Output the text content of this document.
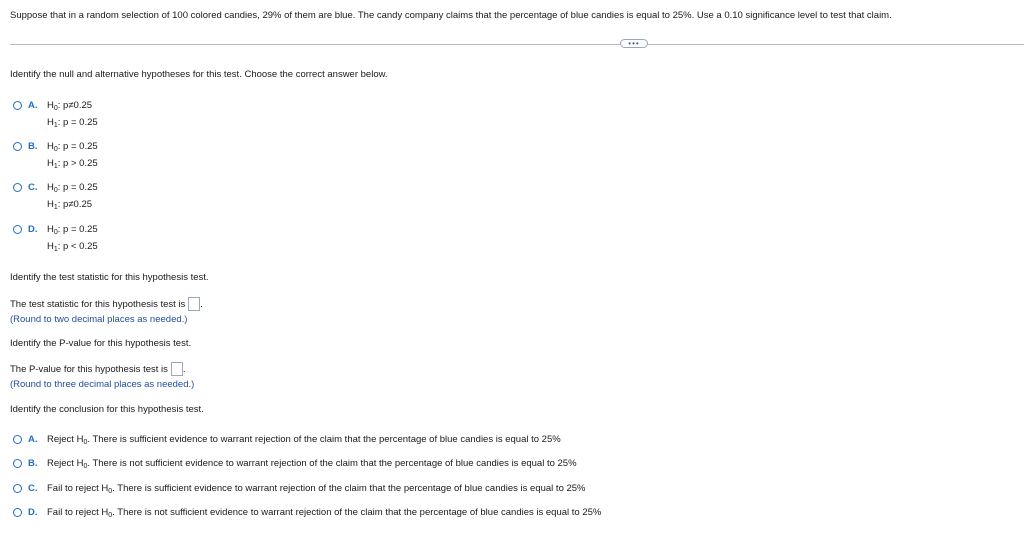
Suppose that in a random selection of 100 colored candies, 29% of them are blue. The candy company claims that the percentage of blue candies is equal to 25%. Use a 0.10 significance level to test that claim.
•••
Identify the null and alternative hypotheses for this test. Choose the correct answer below.
A. $H_0$: p≠0.25
$H_1$: p = 0.25
B. $H_0$: p = 0.25
$H_1$: p > 0.25
C. $H_0$: p = 0.25
$H_1$: p≠0.25
D. $H_0$: p = 0.25
$H_1$: p < 0.25
Identify the test statistic for this hypothesis test.
The test statistic for this hypothesis test is .
(Round to two decimal places as needed.)
Identify the P-value for this hypothesis test.
The P-value for this hypothesis test is .
(Round to three decimal places as needed.)
Identify the conclusion for this hypothesis test.
A. Reject $H_0$. There is sufficient evidence to warrant rejection of the claim that the percentage of blue candies is equal to 25%
B. Reject $H_0$. There is not sufficient evidence to warrant rejection of the claim that the percentage of blue candies is equal to 25%
C. Fail to reject $H_0$. There is sufficient evidence to warrant rejection of the claim that the percentage of blue candies is equal to 25%
D. Fail to reject $H_0$. There is not sufficient evidence to warrant rejection of the claim that the percentage of blue candies is equal to 25%
